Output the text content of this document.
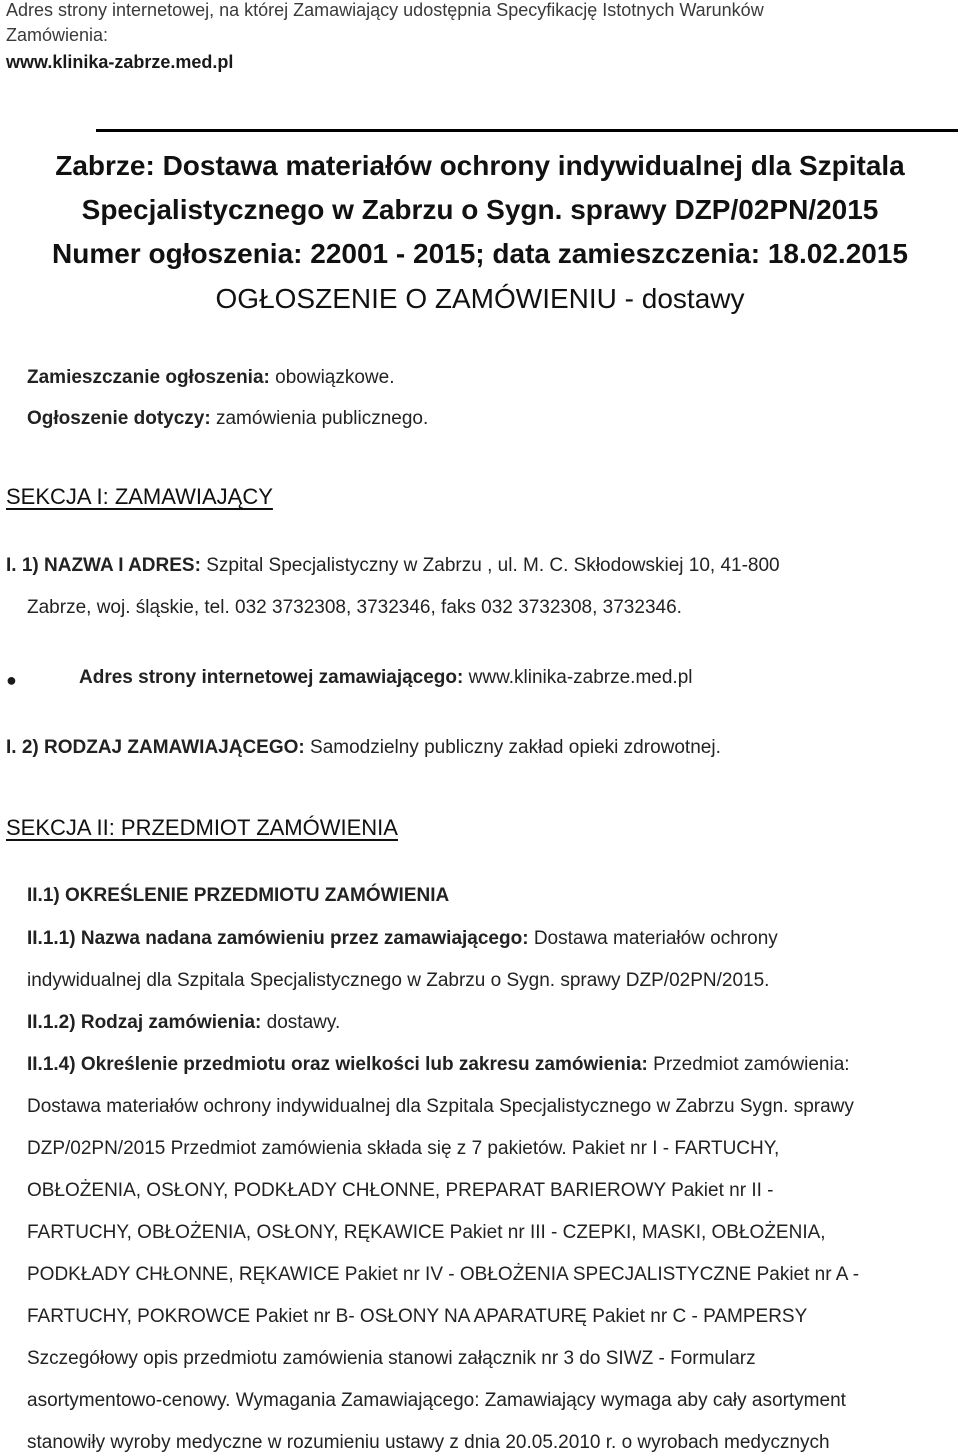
Adres strony internetowej, na której Zamawiający udostępnia Specyfikację Istotnych Warunków
Zamówienia:
www.klinika-zabrze.med.pl
Zabrze: Dostawa materiałów ochrony indywidualnej dla Szpitala
Specjalistycznego w Zabrzu o Sygn. sprawy DZP/02PN/2015
Numer ogłoszenia: 22001 - 2015; data zamieszczenia: 18.02.2015
OGŁOSZENIE O ZAMÓWIENIU - dostawy
Zamieszczanie ogłoszenia: obowiązkowe.
Ogłoszenie dotyczy: zamówienia publicznego.
SEKCJA I: ZAMAWIAJĄCY
I. 1) NAZWA I ADRES: Szpital Specjalistyczny w Zabrzu , ul. M. C. Skłodowskiej 10, 41-800
Zabrze, woj. śląskie, tel. 032 3732308, 3732346, faks 032 3732308, 3732346.
●	Adres strony internetowej zamawiającego: www.klinika-zabrze.med.pl
I. 2) RODZAJ ZAMAWIAJĄCEGO: Samodzielny publiczny zakład opieki zdrowotnej.
SEKCJA II: PRZEDMIOT ZAMÓWIENIA
II.1) OKREŚLENIE PRZEDMIOTU ZAMÓWIENIA
II.1.1) Nazwa nadana zamówieniu przez zamawiającego: Dostawa materiałów ochrony
indywidualnej dla Szpitala Specjalistycznego w Zabrzu o Sygn. sprawy DZP/02PN/2015.
II.1.2) Rodzaj zamówienia: dostawy.
II.1.4) Określenie przedmiotu oraz wielkości lub zakresu zamówienia: Przedmiot zamówienia:
Dostawa materiałów ochrony indywidualnej dla Szpitala Specjalistycznego w Zabrzu Sygn. sprawy
DZP/02PN/2015 Przedmiot zamówienia składa się z 7 pakietów. Pakiet nr I - FARTUCHY,
OBŁOŻENIA, OSŁONY, PODKŁADY CHŁONNE, PREPARAT BARIEROWY Pakiet nr II -
FARTUCHY, OBŁOŻENIA, OSŁONY, RĘKAWICE Pakiet nr III - CZEPKI, MASKI, OBŁOŻENIA,
PODKŁADY CHŁONNE, RĘKAWICE Pakiet nr IV - OBŁOŻENIA SPECJALISTYCZNE Pakiet nr A -
FARTUCHY, POKROWCE Pakiet nr B- OSŁONY NA APARATURĘ Pakiet nr C - PAMPERSY
Szczegółowy opis przedmiotu zamówienia stanowi załącznik nr 3 do SIWZ - Formularz
asortymentowo-cenowy. Wymagania Zamawiającego: Zamawiający wymaga aby cały asortyment
stanowiły wyroby medyczne w rozumieniu ustawy z dnia 20.05.2010 r. o wyrobach medycznych
